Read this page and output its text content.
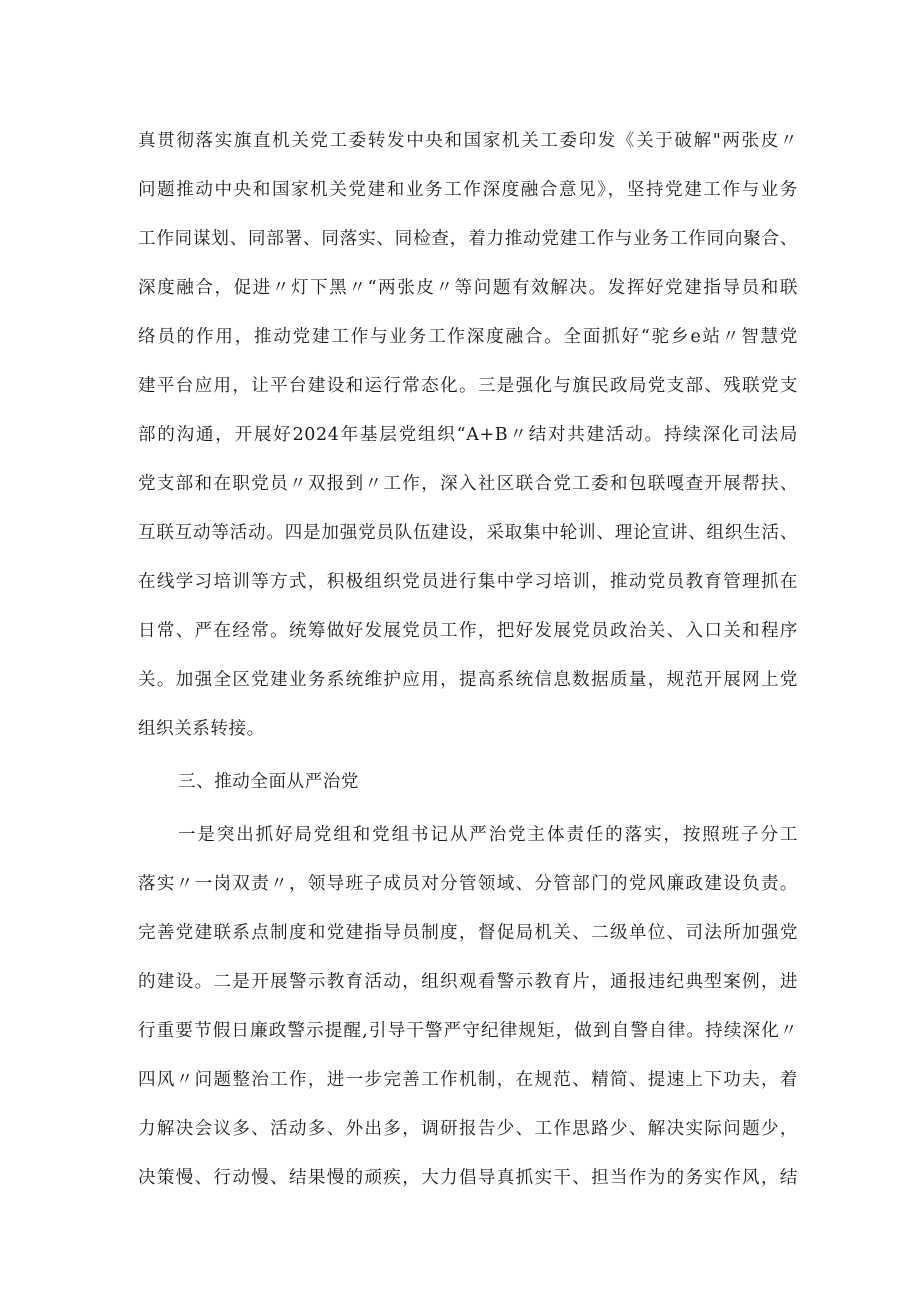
真贯彻落实旗直机关党工委转发中央和国家机关工委印发《关于破解"两张皮〃
问题推动中央和国家机关党建和业务工作深度融合意见》，坚持党建工作与业务
工作同谋划、同部署、同落实、同检查，着力推动党建工作与业务工作同向聚合、
深度融合，促进〃灯下黑〃“两张皮〃等问题有效解决。发挥好党建指导员和联
络员的作用，推动党建工作与业务工作深度融合。全面抓好“驼乡e站〃智慧党
建平台应用，让平台建设和运行常态化。三是强化与旗民政局党支部、残联党支
部的沟通，开展好2024年基层党组织“A+B〃结对共建活动。持续深化司法局
党支部和在职党员〃双报到〃工作，深入社区联合党工委和包联嘎查开展帮扶、
互联互动等活动。四是加强党员队伍建设，采取集中轮训、理论宣讲、组织生活、
在线学习培训等方式，积极组织党员进行集中学习培训，推动党员教育管理抓在
日常、严在经常。统筹做好发展党员工作，把好发展党员政治关、入口关和程序
关。加强全区党建业务系统维护应用，提高系统信息数据质量，规范开展网上党
组织关系转接。
三、推动全面从严治党
一是突出抓好局党组和党组书记从严治党主体责任的落实，按照班子分工
落实〃一岗双责〃，领导班子成员对分管领域、分管部门的党风廉政建设负责。
完善党建联系点制度和党建指导员制度，督促局机关、二级单位、司法所加强党
的建设。二是开展警示教育活动，组织观看警示教育片，通报违纪典型案例，进
行重要节假日廉政警示提醒,引导干警严守纪律规矩，做到自警自律。持续深化〃
四风〃问题整治工作，进一步完善工作机制，在规范、精简、提速上下功夫，着
力解决会议多、活动多、外出多，调研报告少、工作思路少、解决实际问题少，
决策慢、行动慢、结果慢的顽疾，大力倡导真抓实干、担当作为的务实作风，结
